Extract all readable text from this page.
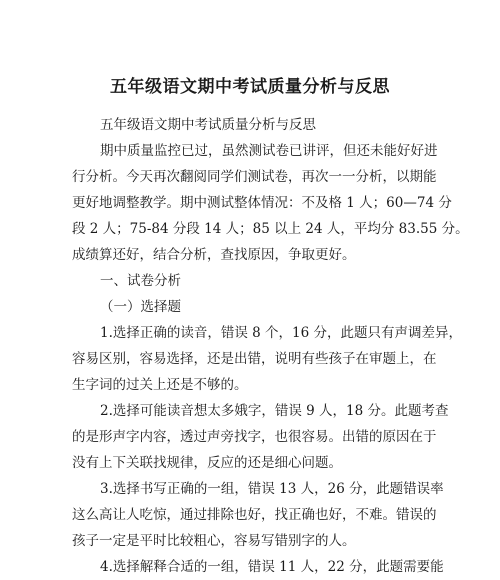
五年级语文期中考试质量分析与反思
五年级语文期中考试质量分析与反思
期中质量监控已过，虽然测试卷已讲评，但还未能好好进
行分析。今天再次翻阅同学们测试卷，再次一一分析，以期能
更好地调整教学。期中测试整体情况：不及格 1 人；60—74 分
段 2 人；75-84 分段 14 人；85 以上 24 人，平均分 83.55 分。
成绩算还好，结合分析，查找原因，争取更好。
一、试卷分析
（一）选择题
1.选择正确的读音，错误 8 个，16 分，此题只有声调差异，
容易区别，容易选择，还是出错，说明有些孩子在审题上，在
生字词的过关上还是不够的。
2.选择可能读音想太多娥字，错误 9 人，18 分。此题考查
的是形声字内容，透过声旁找字，也很容易。出错的原因在于
没有上下关联找规律，反应的还是细心问题。
3.选择书写正确的一组，错误 13 人，26 分，此题错误率
这么高让人吃惊，通过排除也好，找正确也好，不难。错误的
孩子一定是平时比较粗心，容易写错别字的人。
4.选择解释合适的一组，错误 11 人，22 分，此题需要能
